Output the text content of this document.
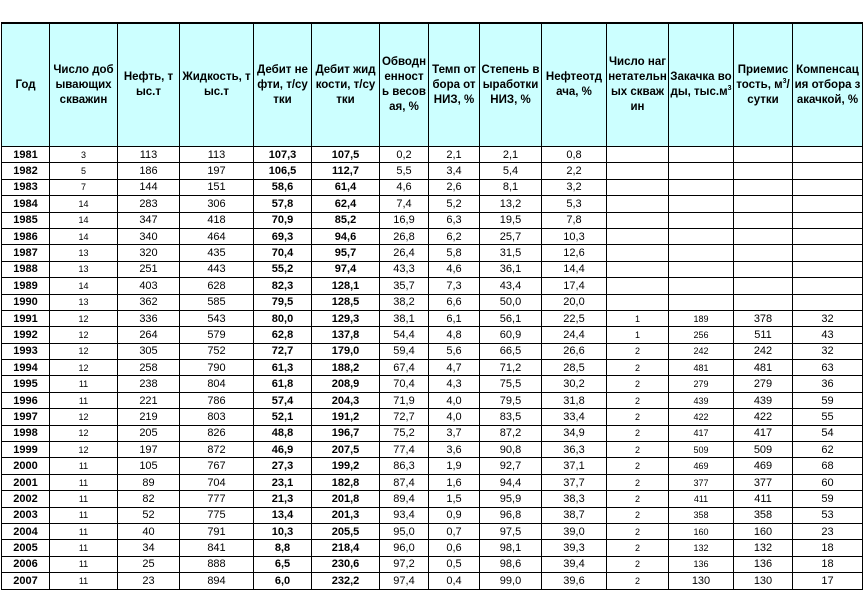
Год	Число добывающих скважин	Нефть, тыс.т	Жидкость, тыс.т	Дебит нефти, т/сутки	Дебит жидкости, т/сутки	Обводненность весовая, %	Темп отбора от НИЗ, %	Степень выработки НИЗ, %	Нефтеотдача, %	Число нагнетательных скважин	Закачка воды, $тыс.м^3$	Приемистость, $м^3$/сутки	Компенсация отбора закачкой, %
1981	3	113	113	107,3	107,5	0,2	2,1	2,1	0,8				
1982	5	186	197	106,5	112,7	5,5	3,4	5,4	2,2				
1983	7	144	151	58,6	61,4	4,6	2,6	8,1	3,2				
1984	14	283	306	57,8	62,4	7,4	5,2	13,2	5,3				
1985	14	347	418	70,9	85,2	16,9	6,3	19,5	7,8				
1986	14	340	464	69,3	94,6	26,8	6,2	25,7	10,3				
1987	13	320	435	70,4	95,7	26,4	5,8	31,5	12,6				
1988	13	251	443	55,2	97,4	43,3	4,6	36,1	14,4				
1989	14	403	628	82,3	128,1	35,7	7,3	43,4	17,4				
1990	13	362	585	79,5	128,5	38,2	6,6	50,0	20,0				
1991	12	336	543	80,0	129,3	38,1	6,1	56,1	22,5	1	189	378	32
1992	12	264	579	62,8	137,8	54,4	4,8	60,9	24,4	1	256	511	43
1993	12	305	752	72,7	179,0	59,4	5,6	66,5	26,6	2	242	242	32
1994	12	258	790	61,3	188,2	67,4	4,7	71,2	28,5	2	481	481	63
1995	11	238	804	61,8	208,9	70,4	4,3	75,5	30,2	2	279	279	36
1996	11	221	786	57,4	204,3	71,9	4,0	79,5	31,8	2	439	439	59
1997	12	219	803	52,1	191,2	72,7	4,0	83,5	33,4	2	422	422	55
1998	12	205	826	48,8	196,7	75,2	3,7	87,2	34,9	2	417	417	54
1999	12	197	872	46,9	207,5	77,4	3,6	90,8	36,3	2	509	509	62
2000	11	105	767	27,3	199,2	86,3	1,9	92,7	37,1	2	469	469	68
2001	11	89	704	23,1	182,8	87,4	1,6	94,4	37,7	2	377	377	60
2002	11	82	777	21,3	201,8	89,4	1,5	95,9	38,3	2	411	411	59
2003	11	52	775	13,4	201,3	93,4	0,9	96,8	38,7	2	358	358	53
2004	11	40	791	10,3	205,5	95,0	0,7	97,5	39,0	2	160	160	23
2005	11	34	841	8,8	218,4	96,0	0,6	98,1	39,3	2	132	132	18
2006	11	25	888	6,5	230,6	97,2	0,5	98,6	39,4	2	136	136	18
2007	11	23	894	6,0	232,2	97,4	0,4	99,0	39,6	2	130	130	17
